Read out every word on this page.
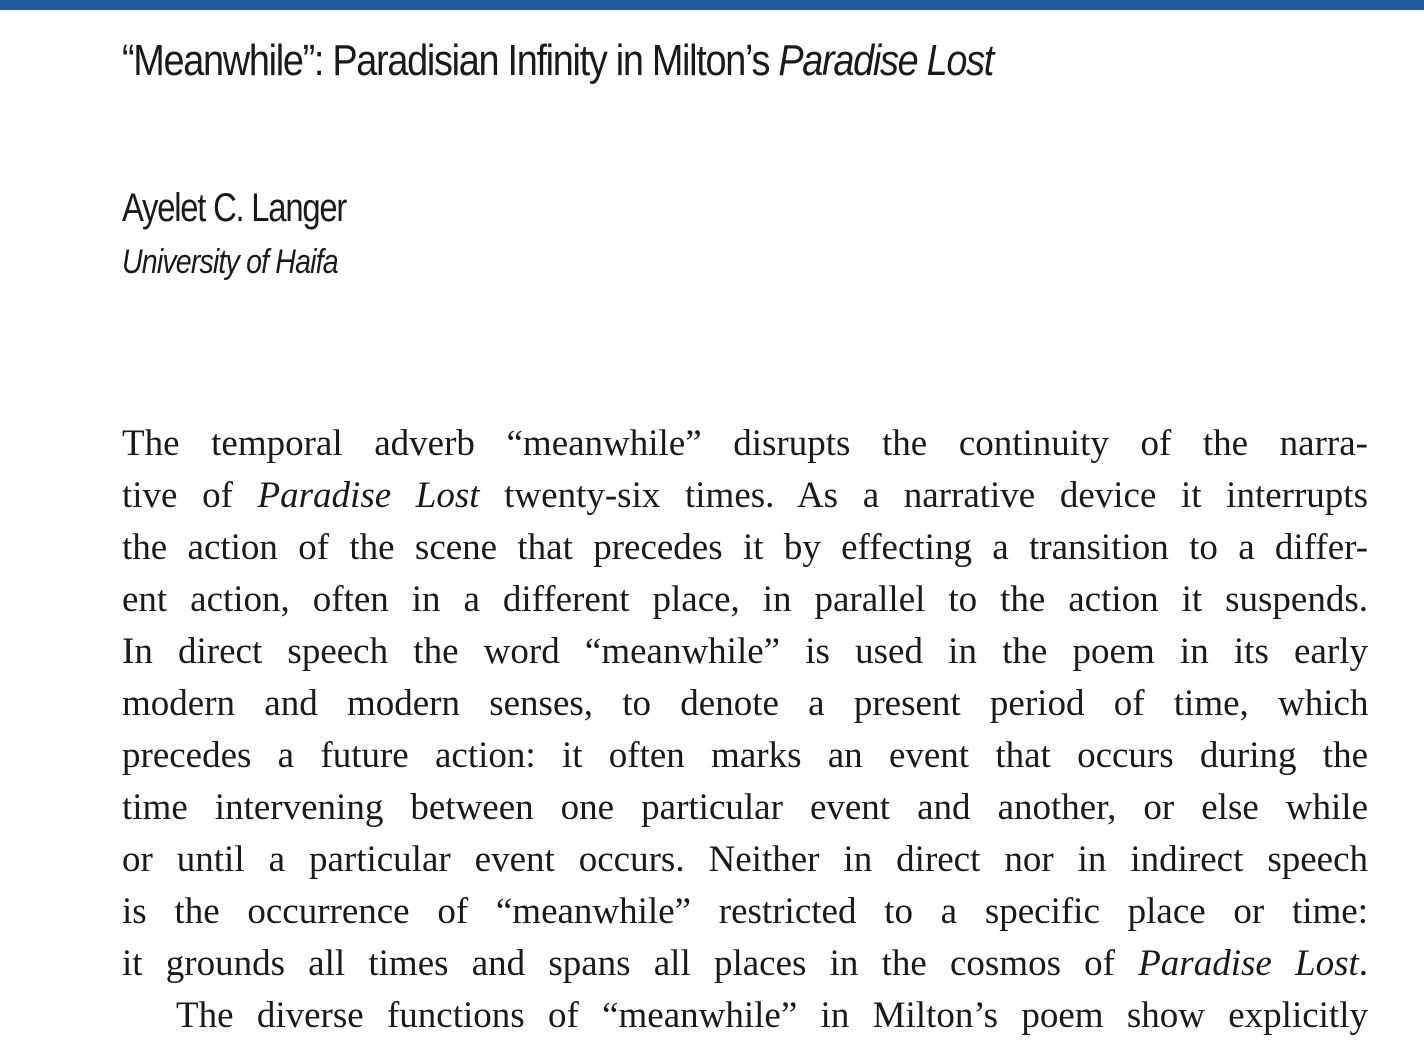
“Meanwhile”: Paradisian Infinity in Milton’s Paradise Lost
Ayelet C. Langer
University of Haifa
The temporal adverb “meanwhile” disrupts the continuity of the narra-
tive of Paradise Lost twenty-six times. As a narrative device it interrupts
the action of the scene that precedes it by effecting a transition to a differ-
ent action, often in a different place, in parallel to the action it suspends.
In direct speech the word “meanwhile” is used in the poem in its early
modern and modern senses, to denote a present period of time, which
precedes a future action: it often marks an event that occurs during the
time intervening between one particular event and another, or else while
or until a particular event occurs. Neither in direct nor in indirect speech
is the occurrence of “meanwhile” restricted to a specific place or time:
it grounds all times and spans all places in the cosmos of Paradise Lost.
The diverse functions of “meanwhile” in Milton’s poem show explicitly
